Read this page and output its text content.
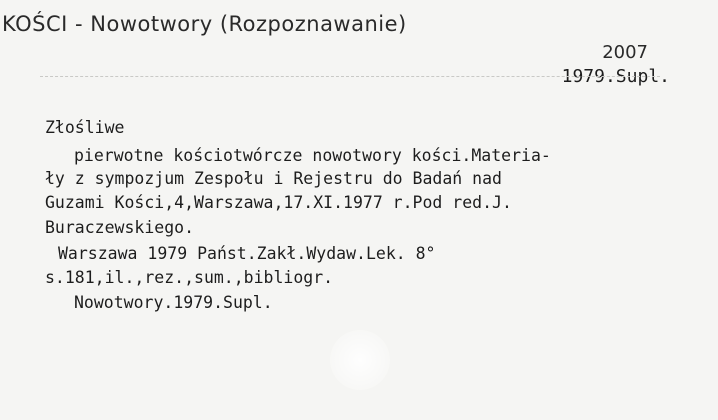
KOŚCI - Nowotwory (Rozpoznawanie)
2007
1979.Supl.
Złośliwe
pierwotne kościotwórcze nowotwory kości.Materia-
ły z sympozjum Zespołu i Rejestru do Badań nad
Guzami Kości,4,Warszawa,17.XI.1977 r.Pod red.J.
Buraczewskiego.
Warszawa 1979 Państ.Zakł.Wydaw.Lek. 8°
s.181,il.,rez.,sum.,bibliogr.
Nowotwory.1979.Supl.
